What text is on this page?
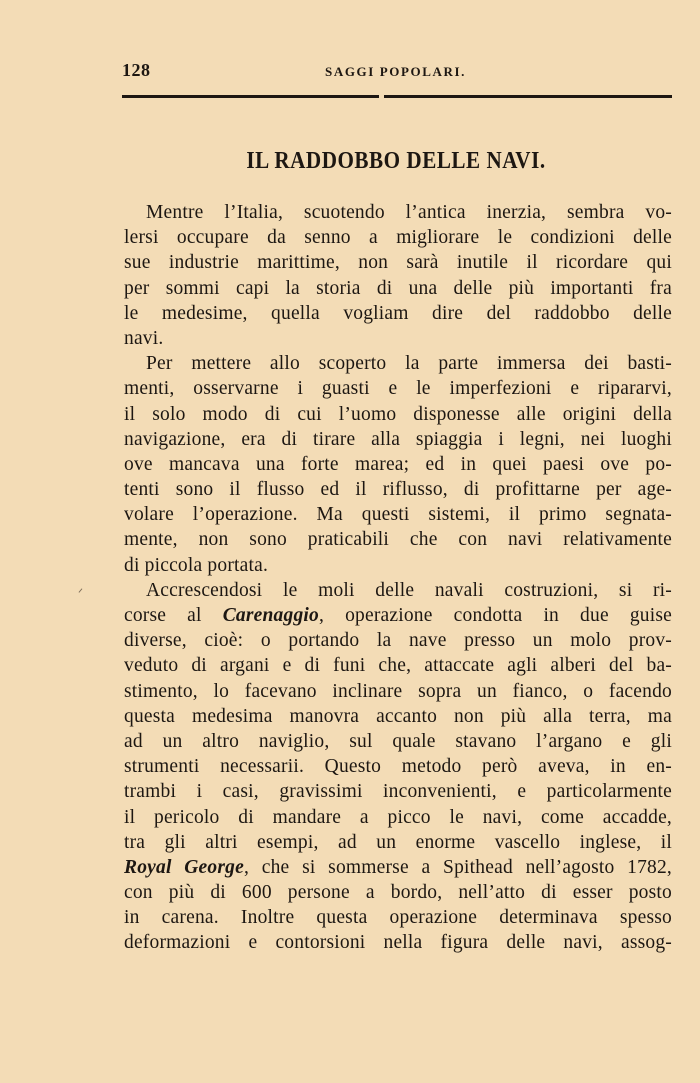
128	SAGGI POPOLARI.
IL RADDOBBO DELLE NAVI.
ᐟ
Mentre l’Italia, scuotendo l’antica inerzia, sembra vo-
lersi occupare da senno a migliorare le condizioni delle
sue industrie marittime, non sarà inutile il ricordare qui
per sommi capi la storia di una delle più importanti fra
le medesime, quella vogliam dire del raddobbo delle
navi.
Per mettere allo scoperto la parte immersa dei basti-
menti, osservarne i guasti e le imperfezioni e ripararvi,
il solo modo di cui l’uomo disponesse alle origini della
navigazione, era di tirare alla spiaggia i legni, nei luoghi
ove mancava una forte marea; ed in quei paesi ove po-
tenti sono il flusso ed il riflusso, di profittarne per age-
volare l’operazione. Ma questi sistemi, il primo segnata-
mente, non sono praticabili che con navi relativamente
di piccola portata.
Accrescendosi le moli delle navali costruzioni, si ri-
corse al Carenaggio, operazione condotta in due guise
diverse, cioè: o portando la nave presso un molo prov-
veduto di argani e di funi che, attaccate agli alberi del ba-
stimento, lo facevano inclinare sopra un fianco, o facendo
questa medesima manovra accanto non più alla terra, ma
ad un altro naviglio, sul quale stavano l’argano e gli
strumenti necessarii. Questo metodo però aveva, in en-
trambi i casi, gravissimi inconvenienti, e particolarmente
il pericolo di mandare a picco le navi, come accadde,
tra gli altri esempi, ad un enorme vascello inglese, il
Royal George, che si sommerse a Spithead nell’agosto 1782,
con più di 600 persone a bordo, nell’atto di esser posto
in carena. Inoltre questa operazione determinava spesso
deformazioni e contorsioni nella figura delle navi, assog-
